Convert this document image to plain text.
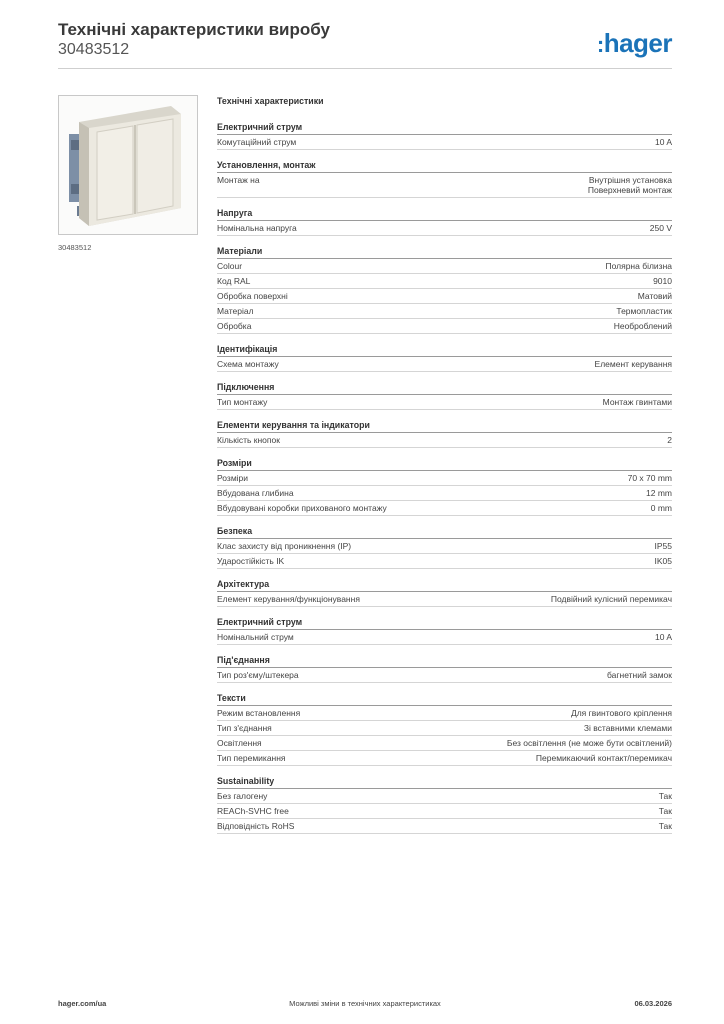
Технічні характеристики виробу
30483512	:hager
30483512
Технічні характеристики
Електричний струм
Комутаційний струм	10 A
Установлення, монтаж
Монтаж на	Внутрішня установка
Поверхневий монтаж
Напруга
Номінальна напруга	250 V
Матеріали
Colour	Полярна білизна
Код RAL	9010
Обробка поверхні	Матовий
Матеріал	Термопластик
Обробка	Необроблений
Ідентифікація
Схема монтажу	Елемент керування
Підключення
Тип монтажу	Монтаж гвинтами
Елементи керування та індикатори
Кількість кнопок	2
Розміри
Розміри	70 x 70 mm
Вбудована глибина	12 mm
Вбудовувані коробки прихованого монтажу	0 mm
Безпека
Клас захисту від проникнення (IP)	IP55
Ударостійкість IK	IK05
Архітектура
Елемент керування/функціонування	Подвійний кулісний перемикач
Електричний струм
Номінальний струм	10 A
Під'єднання
Тип роз'єму/штекера	багнетний замок
Тексти
Режим встановлення	Для гвинтового кріплення
Тип з'єднання	Зі вставними клемами
Освітлення	Без освітлення (не може бути освітлений)
Тип перемикання	Перемикаючий контакт/перемикач
Sustainability
Без галогену	Так
REACh-SVHC free	Так
Відповідність RoHS	Так
hager.com/ua	Можливі зміни в технічних характеристиках	06.03.2026
